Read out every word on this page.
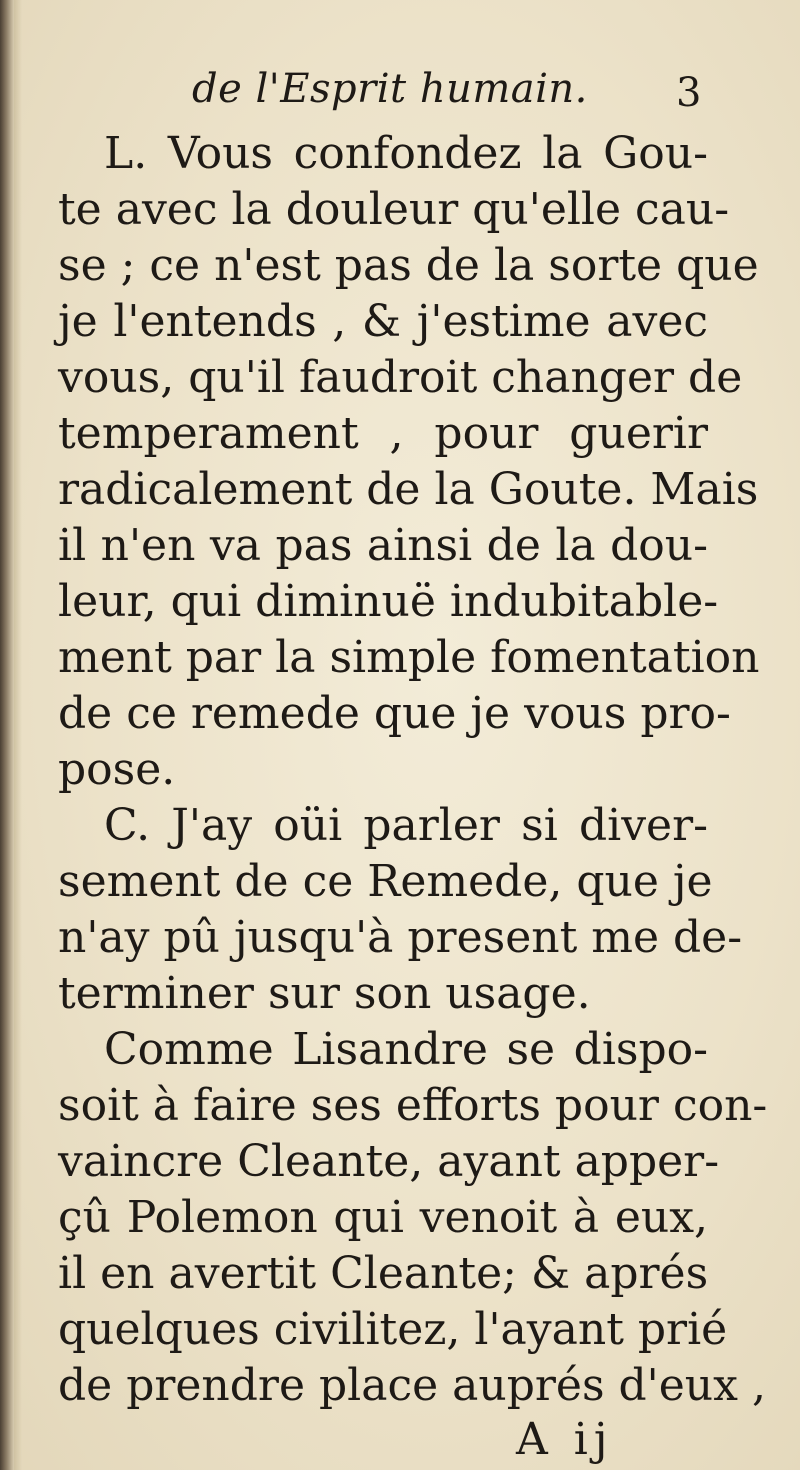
de l'Esprit humain. 3
L. Vous confondez la Gou-
te avec la douleur qu'elle cau-
se ; ce n'est pas de la sorte que
je l'entends , & j'estime avec
vous, qu'il faudroit changer de
temperament , pour guerir
radicalement de la Goute. Mais
il n'en va pas ainsi de la dou-
leur, qui diminuë indubitable-
ment par la simple fomentation
de ce remede que je vous pro-
pose.
C. J'ay oüi parler si diver-
sement de ce Remede, que je
n'ay pû jusqu'à present me de-
terminer sur son usage.
Comme Lisandre se dispo-
soit à faire ses efforts pour con-
vaincre Cleante, ayant apper-
çû Polemon qui venoit à eux,
il en avertit Cleante; & aprés
quelques civilitez, l'ayant prié
de prendre place auprés d'eux ,
A ij
